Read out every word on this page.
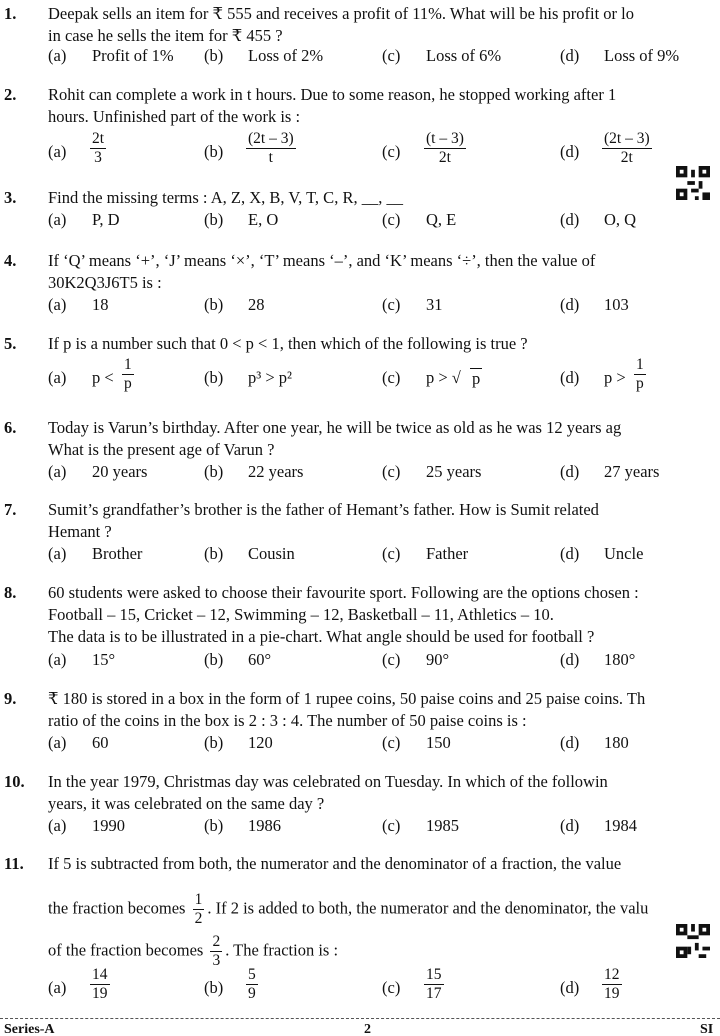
1. Deepak sells an item for ₹ 555 and receives a profit of 11%. What will be his profit or lo
in case he sells the item for ₹ 455 ?
(a) Profit of 1% (b) Loss of 2%	(c) Loss of 6%	(d) Loss of 9%
2. Rohit can complete a work in t hours. Due to some reason, he stopped working after 1
hours. Unfinished part of the work is :
$(a) \frac{2t}{3}$	$(b) \frac{(2t - 3)}{t}$	$(c) \frac{(t - 3)}{2t}$	$(d) \frac{(2t - 3)}{2t}$
3. Find the missing terms : A, Z, X, B, V, T, C, R, __, __
(a) P, D	(b) E, O	(c) Q, E	(d) O, Q
4. If ‘Q’ means ‘+’, ‘J’ means ‘×’, ‘T’ means ‘–’, and ‘K’ means ‘÷’, then the value of
30K2Q3J6T5 is :
(a) 18	(b) 28	(c) 31	(d) 103
5. If p is a number such that 0 < p < 1, then which of the following is true ?
(a) $p < \frac{1}{p}$	(b) p³ > p²	(c) p > √ p	(d) $p > \frac{1}{p}$
6. Today is Varun’s birthday. After one year, he will be twice as old as he was 12 years ag
What is the present age of Varun ?
(a) 20 years	(b) 22 years	(c) 25 years	(d) 27 years
7. Sumit’s grandfather’s brother is the father of Hemant’s father. How is Sumit related
Hemant ?
(a) Brother	(b) Cousin	(c) Father	(d) Uncle
8. 60 students were asked to choose their favourite sport. Following are the options chosen :
Football – 15, Cricket – 12, Swimming – 12, Basketball – 11, Athletics – 10.
The data is to be illustrated in a pie-chart. What angle should be used for football ?
(a) 15°	(b) 60°	(c) 90°	(d) 180°
9. ₹ 180 is stored in a box in the form of 1 rupee coins, 50 paise coins and 25 paise coins. Th
ratio of the coins in the box is 2 : 3 : 4. The number of 50 paise coins is :
(a) 60	(b) 120	(c) 150	(d) 180
10. In the year 1979, Christmas day was celebrated on Tuesday. In which of the followin
years, it was celebrated on the same day ?
(a) 1990	(b) 1986	(c) 1985	(d) 1984
11. If 5 is subtracted from both, the numerator and the denominator of a fraction, the value
the fraction becomes $\frac{1}{2}$ . If 2 is added to both, the numerator and the denominator, the valu
of the fraction becomes $\frac{2}{3}$ . The fraction is :
$(a) \frac{14}{19}$	$(b) \frac{5}{9}$	$(c) \frac{15}{17}$	$(d) \frac{12}{19}$
Series-A	2	SI
